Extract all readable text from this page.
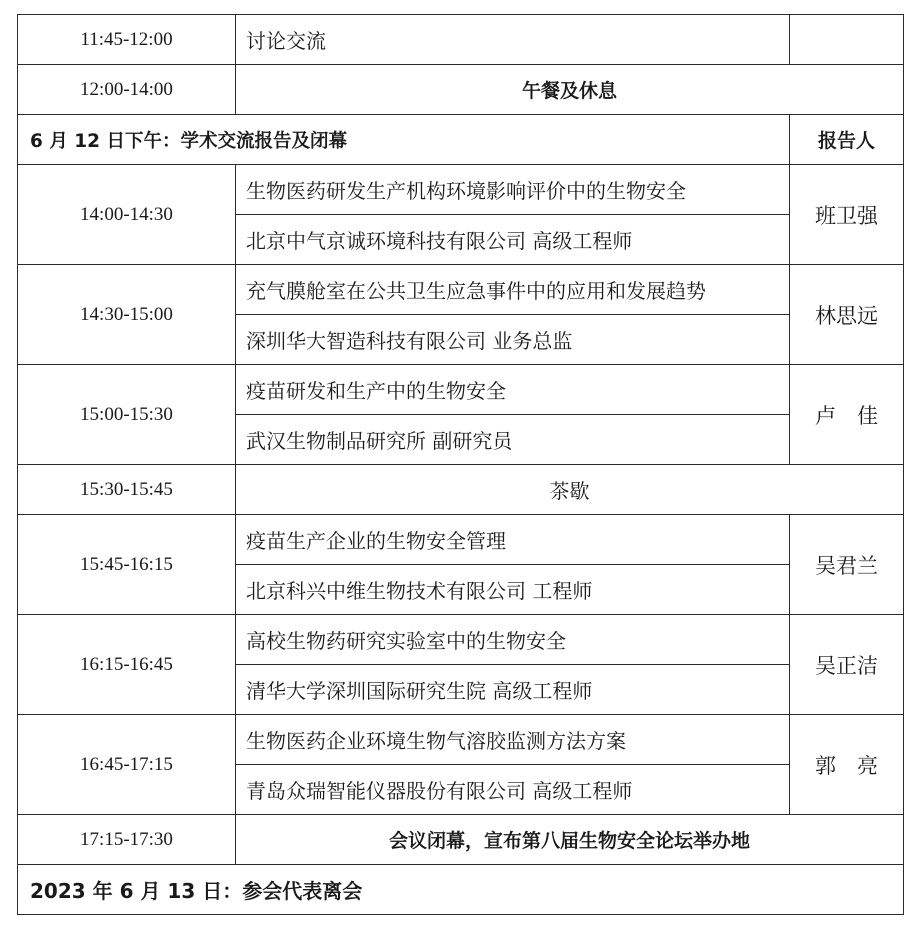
11:45-12:00	讨论交流	
12:00-14:00	午餐及休息	
6 月 12 日下午：学术交流报告及闭幕		报告人
14:00-14:30	生物医药研发生产机构环境影响评价中的生物安全	班卫强
	北京中气京诚环境科技有限公司 高级工程师	
14:30-15:00	充气膜舱室在公共卫生应急事件中的应用和发展趋势	林思远
	深圳华大智造科技有限公司 业务总监	
15:00-15:30	疫苗研发和生产中的生物安全	卢　佳
	武汉生物制品研究所 副研究员	
15:30-15:45	茶歇	
15:45-16:15	疫苗生产企业的生物安全管理	吴君兰
	北京科兴中维生物技术有限公司 工程师	
16:15-16:45	高校生物药研究实验室中的生物安全	吴正洁
	清华大学深圳国际研究生院 高级工程师	
16:45-17:15	生物医药企业环境生物气溶胶监测方法方案	郭　亮
	青岛众瑞智能仪器股份有限公司 高级工程师	
17:15-17:30	会议闭幕，宣布第八届生物安全论坛举办地	
2023 年 6 月 13 日：参会代表离会		
